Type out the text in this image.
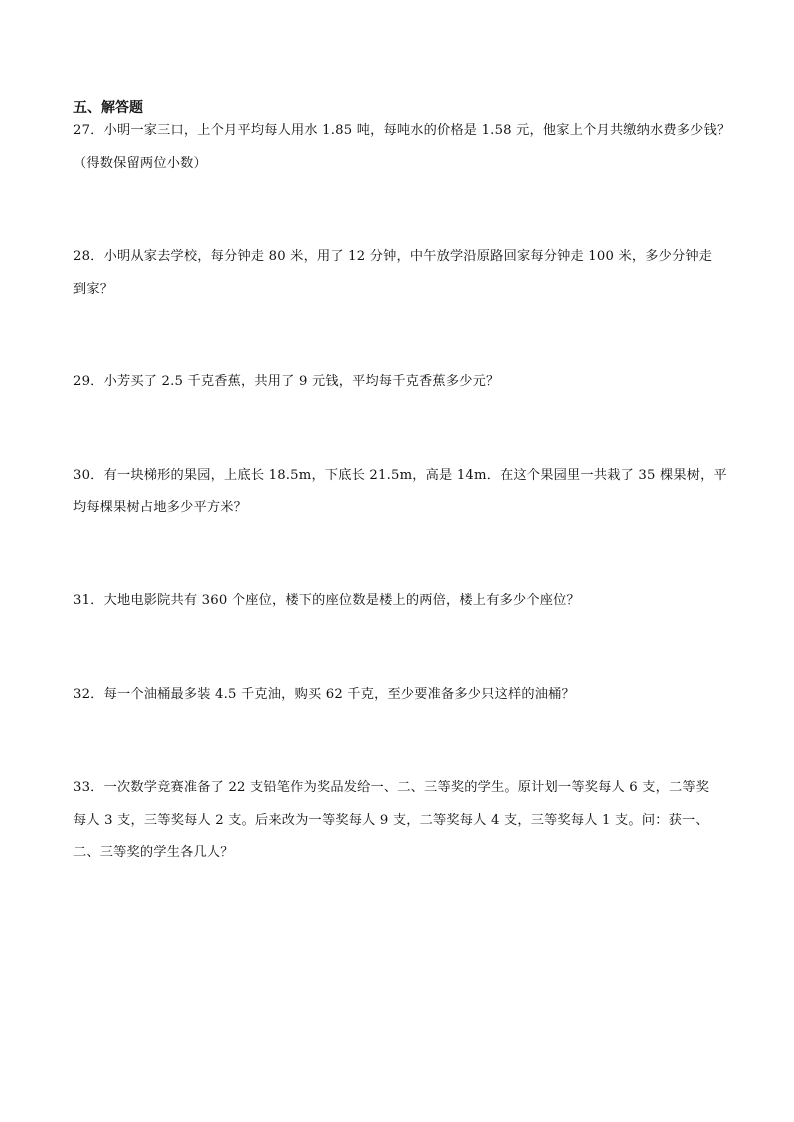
五、解答题
27．小明一家三口，上个月平均每人用水 1.85 吨，每吨水的价格是 1.58 元，他家上个月共缴纳水费多少钱？
（得数保留两位小数）
28．小明从家去学校，每分钟走 80 米，用了 12 分钟，中午放学沿原路回家每分钟走 100 米，多少分钟走
到家？
29．小芳买了 2.5 千克香蕉，共用了 9 元钱，平均每千克香蕉多少元？
30．有一块梯形的果园，上底长 18.5m，下底长 21.5m，高是 14m．在这个果园里一共栽了 35 棵果树，平
均每棵果树占地多少平方米？
31．大地电影院共有 360 个座位，楼下的座位数是楼上的两倍，楼上有多少个座位？
32．每一个油桶最多装 4.5 千克油，购买 62 千克，至少要准备多少只这样的油桶？
33．一次数学竞赛准备了 22 支铅笔作为奖品发给一、二、三等奖的学生。原计划一等奖每人 6 支，二等奖
每人 3 支，三等奖每人 2 支。后来改为一等奖每人 9 支，二等奖每人 4 支，三等奖每人 1 支。问：获一、
二、三等奖的学生各几人？
